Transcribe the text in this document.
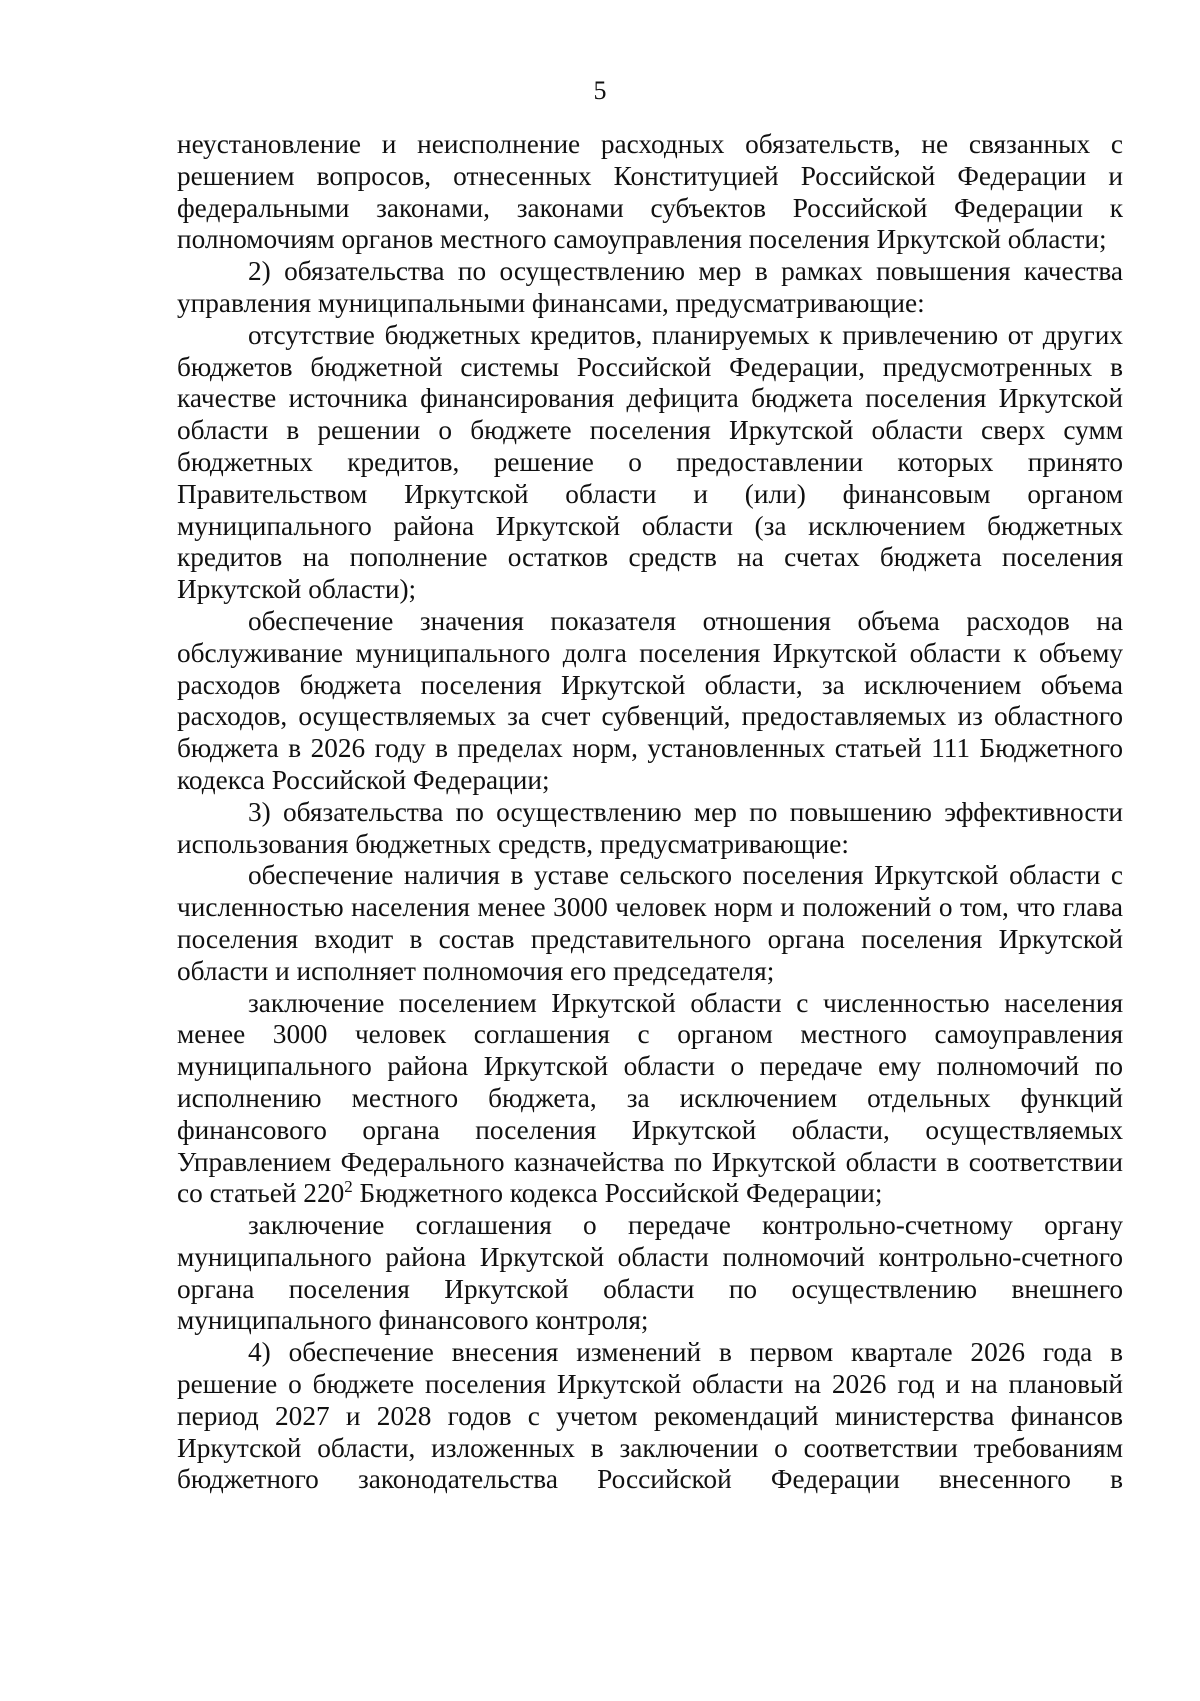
5

неустановление и неисполнение расходных обязательств, не связанных с решением вопросов, отнесенных Конституцией Российской Федерации и федеральными законами, законами субъектов Российской Федерации к полномочиям органов местного самоуправления поселения Иркутской области;

2) обязательства по осуществлению мер в рамках повышения качества управления муниципальными финансами, предусматривающие:

отсутствие бюджетных кредитов, планируемых к привлечению от других бюджетов бюджетной системы Российской Федерации, предусмотренных в качестве источника финансирования дефицита бюджета поселения Иркутской области в решении о бюджете поселения Иркутской области сверх сумм бюджетных кредитов, решение о предоставлении которых принято Правительством Иркутской области и (или) финансовым органом муниципального района Иркутской области (за исключением бюджетных кредитов на пополнение остатков средств на счетах бюджета поселения Иркутской области);

обеспечение значения показателя отношения объема расходов на обслуживание муниципального долга поселения Иркутской области к объему расходов бюджета поселения Иркутской области, за исключением объема расходов, осуществляемых за счет субвенций, предоставляемых из областного бюджета в 2026 году в пределах норм, установленных статьей 111 Бюджетного кодекса Российской Федерации;

3) обязательства по осуществлению мер по повышению эффективности использования бюджетных средств, предусматривающие:

обеспечение наличия в уставе сельского поселения Иркутской области с численностью населения менее 3000 человек норм и положений о том, что глава поселения входит в состав представительного органа поселения Иркутской области и исполняет полномочия его председателя;

заключение поселением Иркутской области с численностью населения менее 3000 человек соглашения с органом местного самоуправления муниципального района Иркутской области о передаче ему полномочий по исполнению местного бюджета, за исключением отдельных функций финансового органа поселения Иркутской области, осуществляемых Управлением Федерального казначейства по Иркутской области в соответствии со статьей $220^2$ Бюджетного кодекса Российской Федерации;

заключение соглашения о передаче контрольно-счетному органу муниципального района Иркутской области полномочий контрольно-счетного органа поселения Иркутской области по осуществлению внешнего муниципального финансового контроля;

4) обеспечение внесения изменений в первом квартале 2026 года в решение о бюджете поселения Иркутской области на 2026 год и на плановый период 2027 и 2028 годов с учетом рекомендаций министерства финансов Иркутской области, изложенных в заключении о соответствии требованиям бюджетного законодательства Российской Федерации внесенного в
